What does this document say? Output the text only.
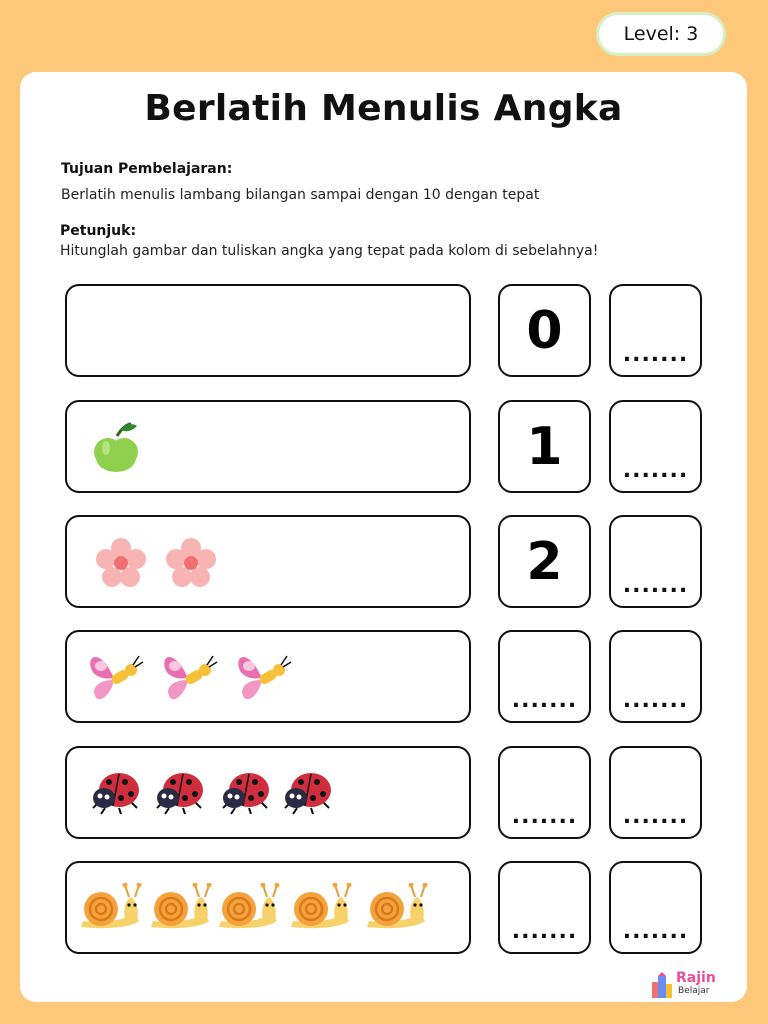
Level: 3
Berlatih Menulis Angka
Tujuan Pembelajaran:
Berlatih menulis lambang bilangan sampai dengan 10 dengan tepat
Petunjuk:
Hitunglah gambar dan tuliskan angka yang tepat pada kolom di sebelahnya!
0	.......
1	.......
2	.......
.......	.......
.......	.......
.......	.......
Rajin
Belajar
